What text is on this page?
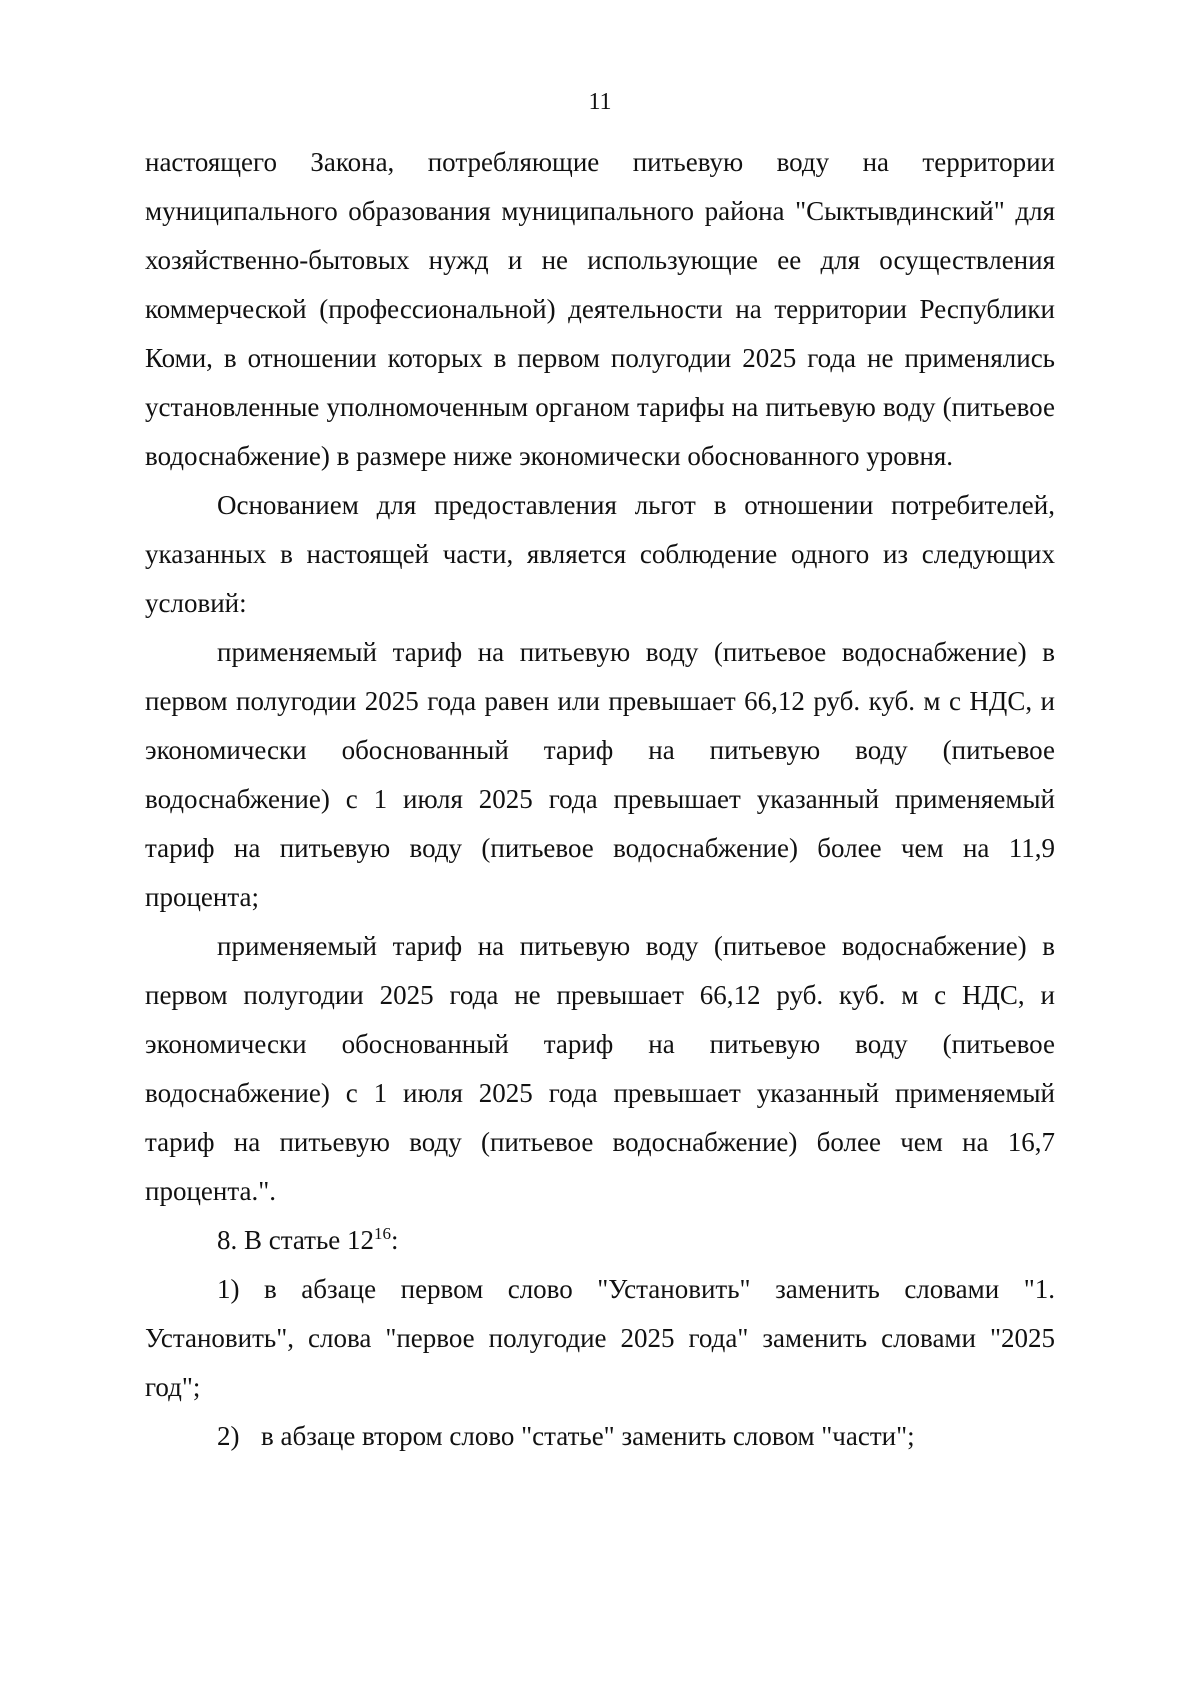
11

настоящего Закона, потребляющие питьевую воду на территории муниципального образования муниципального района "Сыктывдинский" для хозяйственно-бытовых нужд и не использующие ее для осуществления коммерческой (профессиональной) деятельности на территории Республики Коми, в отношении которых в первом полугодии 2025 года не применялись установленные уполномоченным органом тарифы на питьевую воду (питьевое водоснабжение) в размере ниже экономически обоснованного уровня.

Основанием для предоставления льгот в отношении потребителей, указанных в настоящей части, является соблюдение одного из следующих условий:

применяемый тариф на питьевую воду (питьевое водоснабжение) в первом полугодии 2025 года равен или превышает 66,12 руб. куб. м с НДС, и экономически обоснованный тариф на питьевую воду (питьевое водоснабжение) с 1 июля 2025 года превышает указанный применяемый тариф на питьевую воду (питьевое водоснабжение) более чем на 11,9 процента;

применяемый тариф на питьевую воду (питьевое водоснабжение) в первом полугодии 2025 года не превышает 66,12 руб. куб. м с НДС, и экономически обоснованный тариф на питьевую воду (питьевое водоснабжение) с 1 июля 2025 года превышает указанный применяемый тариф на питьевую воду (питьевое водоснабжение) более чем на 16,7 процента.".

8. В статье $12^{16}$:

1) в абзаце первом слово "Установить" заменить словами "1. Установить", слова "первое полугодие 2025 года" заменить словами "2025 год";

2) в абзаце втором слово "статье" заменить словом "части";
